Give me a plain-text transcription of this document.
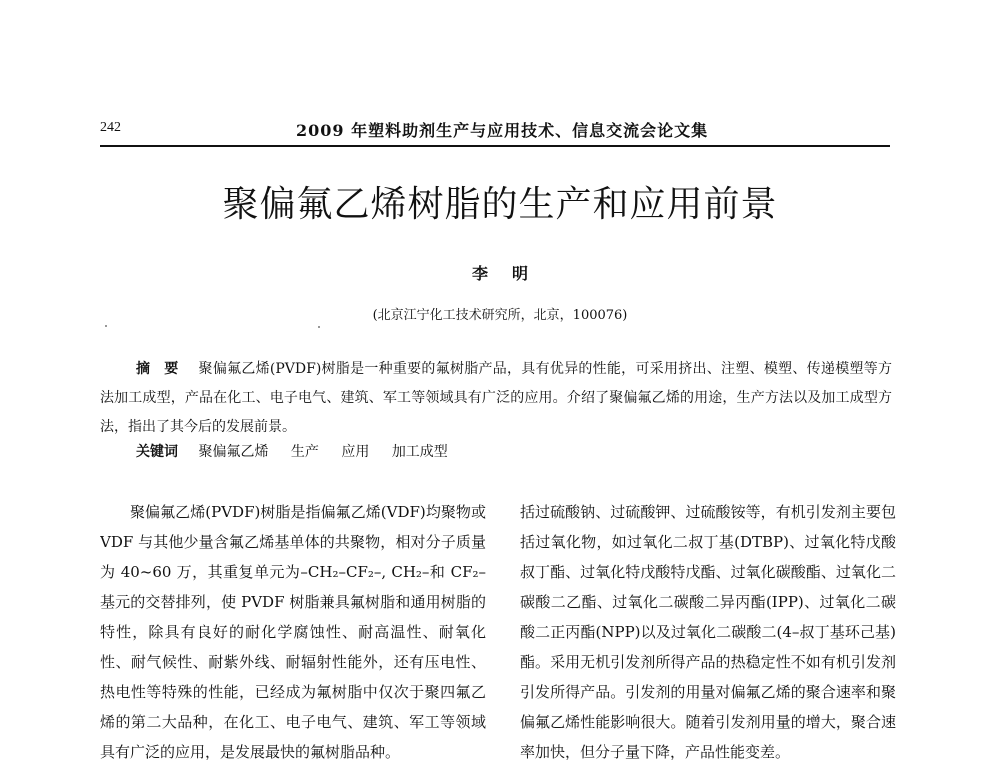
242	2009 年塑料助剂生产与应用技术、信息交流会论文集
聚偏氟乙烯树脂的生产和应用前景
李明
(北京江宁化工技术研究所，北京，100076)
摘要 聚偏氟乙烯(PVDF)树脂是一种重要的氟树脂产品，具有优异的性能，可采用挤出、注塑、模塑、传递模塑等方法加工成型，产品在化工、电子电气、建筑、军工等领域具有广泛的应用。介绍了聚偏氟乙烯的用途，生产方法以及加工成型方法，指出了其今后的发展前景。
关键词 聚偏氟乙烯 生产 应用 加工成型
聚偏氟乙烯(PVDF)树脂是指偏氟乙烯(VDF)均聚物或 VDF 与其他少量含氟乙烯基单体的共聚物，相对分子质量为 40~60 万，其重复单元为–CH₂–CF₂–, CH₂–和 CF₂–基元的交替排列，使 PVDF 树脂兼具氟树脂和通用树脂的特性，除具有良好的耐化学腐蚀性、耐高温性、耐氧化性、耐气候性、耐紫外线、耐辐射性能外，还有压电性、热电性等特殊的性能，已经成为氟树脂中仅次于聚四氟乙烯的第二大品种，在化工、电子电气、建筑、军工等领域具有广泛的应用，是发展最快的氟树脂品种。
括过硫酸钠、过硫酸钾、过硫酸铵等，有机引发剂主要包括过氧化物，如过氧化二叔丁基(DTBP)、过氧化特戊酸叔丁酯、过氧化特戊酸特戊酯、过氧化碳酸酯、过氧化二碳酸二乙酯、过氧化二碳酸二异丙酯(IPP)、过氧化二碳酸二正丙酯(NPP)以及过氧化二碳酸二(4–叔丁基环己基)酯。采用无机引发剂所得产品的热稳定性不如有机引发剂引发所得产品。引发剂的用量对偏氟乙烯的聚合速率和聚偏氟乙烯性能影响很大。随着引发剂用量的增大，聚合速率加快，但分子量下降，产品性能变差。
